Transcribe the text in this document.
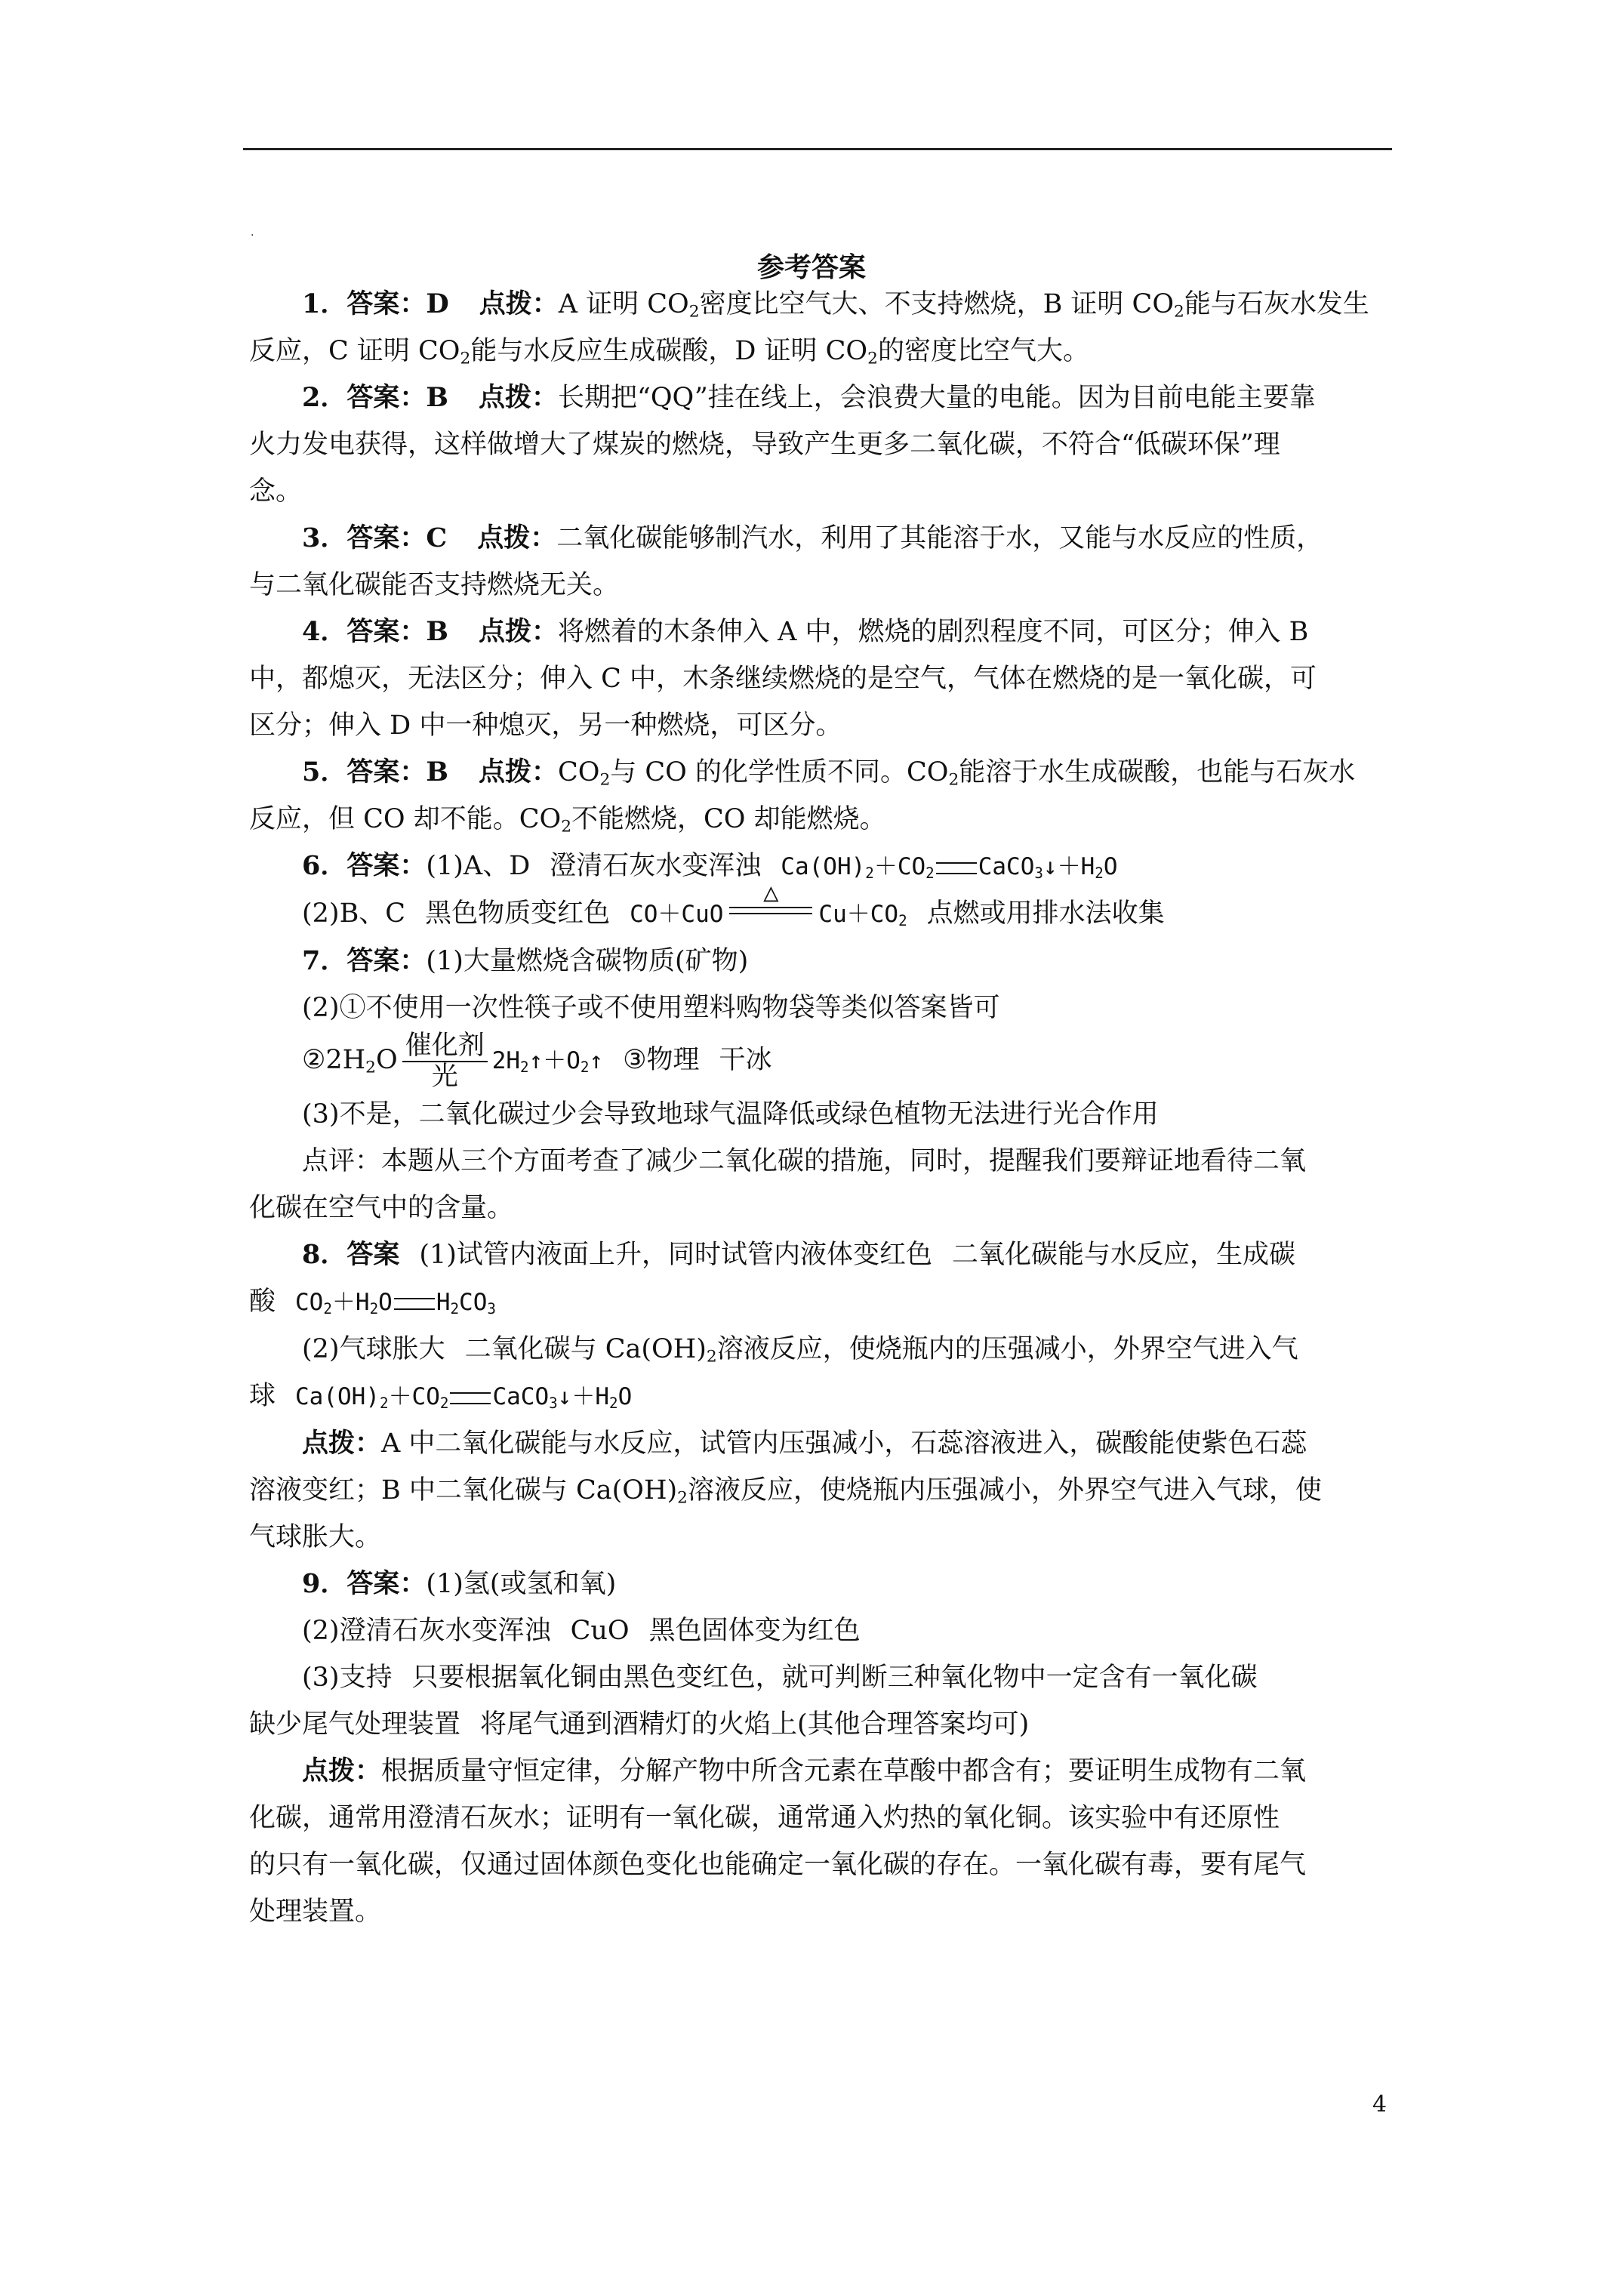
.
参考答案

1．答案：D 点拨：A 证明 $CO_2$密度比空气大、不支持燃烧，B 证明 $CO_2$能与石灰水发生

反应，C 证明 $CO_2$能与水反应生成碳酸，D 证明 $CO_2$的密度比空气大。

2．答案：B 点拨：长期把“QQ”挂在线上，会浪费大量的电能。因为目前电能主要靠

火力发电获得，这样做增大了煤炭的燃烧，导致产生更多二氧化碳，不符合“低碳环保”理

念。

3．答案：C 点拨：二氧化碳能够制汽水，利用了其能溶于水，又能与水反应的性质，

与二氧化碳能否支持燃烧无关。

4．答案：B 点拨：将燃着的木条伸入 A 中，燃烧的剧烈程度不同，可区分；伸入 B

中，都熄灭，无法区分；伸入 C 中，木条继续燃烧的是空气，气体在燃烧的是一氧化碳，可

区分；伸入 D 中一种熄灭，另一种燃烧，可区分。

5．答案：B 点拨：$CO_2$与 CO 的化学性质不同。$CO_2$能溶于水生成碳酸，也能与石灰水

反应，但 CO 却不能。$CO_2$不能燃烧，CO 却能燃烧。

6．答案：(1)A、D 澄清石灰水变浑浊 $Ca(OH)_2+CO_2$ $CaCO_3↓+H_2O$

(2)B、C 黑色物质变红色 CO＋CuO
△
$Cu+CO_2$ 点燃或用排水法收集

7．答案：(1)大量燃烧含碳物质(矿物)

(2)①不使用一次性筷子或不使用塑料购物袋等类似答案皆可

$②2H_2O \frac{\text{催化剂}}{\text{光}}$ $2H_2↑+O_2↑$ ③物理 干冰

(3)不是，二氧化碳过少会导致地球气温降低或绿色植物无法进行光合作用

点评：本题从三个方面考查了减少二氧化碳的措施，同时，提醒我们要辩证地看待二氧

化碳在空气中的含量。

8．答案 (1)试管内液面上升，同时试管内液体变红色 二氧化碳能与水反应，生成碳

酸 $CO_2+H_2O$ $H_2CO_3$

(2)气球胀大 二氧化碳与 $Ca(OH)_2$溶液反应，使烧瓶内的压强减小，外界空气进入气

球 $Ca(OH)_2+CO_2$ $CaCO_3↓+H_2O$

点拨：A 中二氧化碳能与水反应，试管内压强减小，石蕊溶液进入，碳酸能使紫色石蕊

溶液变红；B 中二氧化碳与 $Ca(OH)_2$溶液反应，使烧瓶内压强减小，外界空气进入气球，使

气球胀大。

9．答案：(1)氢(或氢和氧)

(2)澄清石灰水变浑浊 CuO 黑色固体变为红色

(3)支持 只要根据氧化铜由黑色变红色，就可判断三种氧化物中一定含有一氧化碳

缺少尾气处理装置 将尾气通到酒精灯的火焰上(其他合理答案均可)

点拨：根据质量守恒定律，分解产物中所含元素在草酸中都含有；要证明生成物有二氧

化碳，通常用澄清石灰水；证明有一氧化碳，通常通入灼热的氧化铜。该实验中有还原性

的只有一氧化碳，仅通过固体颜色变化也能确定一氧化碳的存在。一氧化碳有毒，要有尾气

处理装置。

4
